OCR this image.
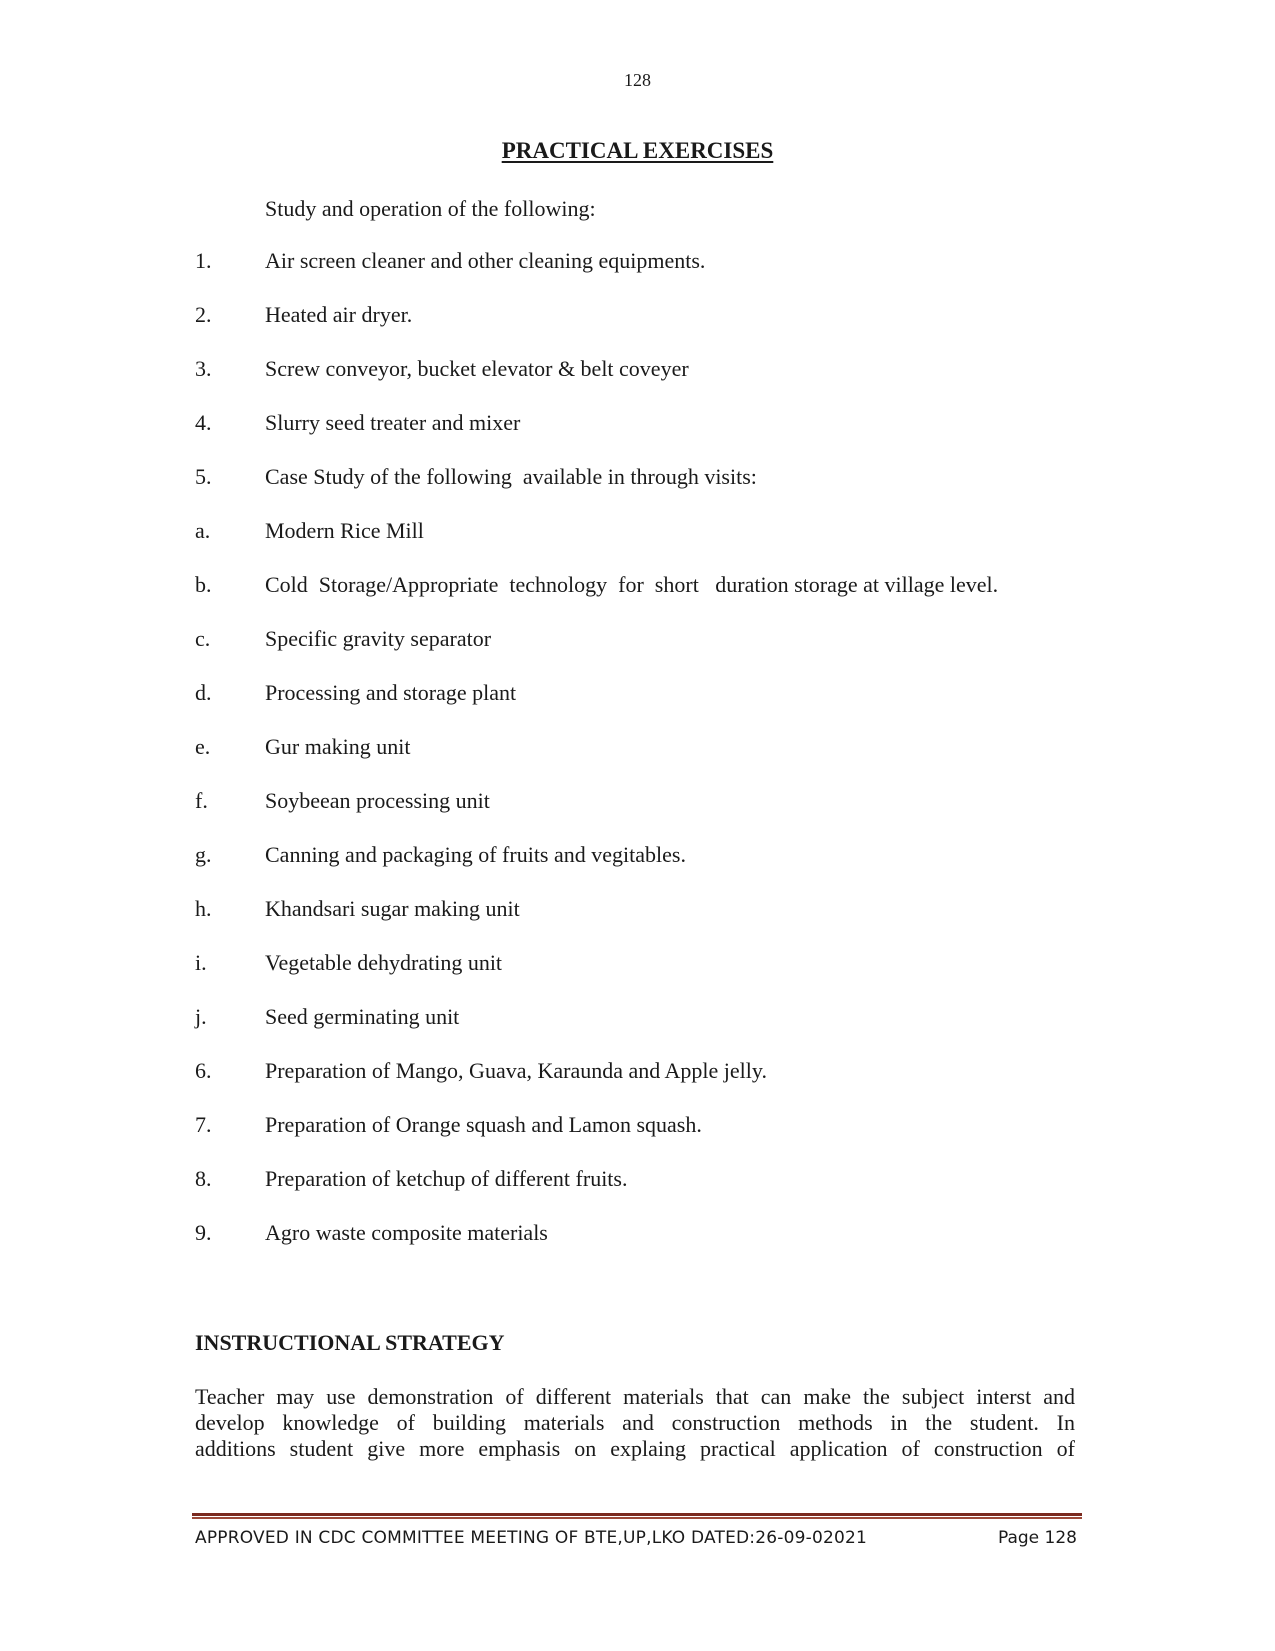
128
PRACTICAL EXERCISES
Study and operation of the following:
1. Air screen cleaner and other cleaning equipments.
2. Heated air dryer.
3. Screw conveyor, bucket elevator & belt coveyer
4. Slurry seed treater and mixer
5. Case Study of the following  available in through visits:
a. Modern Rice Mill
b. Cold  Storage/Appropriate  technology  for  short   duration storage at village level.
c. Specific gravity separator
d. Processing and storage plant
e. Gur making unit
f.	Soybeean processing unit
g. Canning and packaging of fruits and vegitables.
h. Khandsari sugar making unit
i.	Vegetable dehydrating unit
j.	Seed germinating unit
6. Preparation of Mango, Guava, Karaunda and Apple jelly.
7. Preparation of Orange squash and Lamon squash.
8. Preparation of ketchup of different fruits.
9. Agro waste composite materials
INSTRUCTIONAL STRATEGY
Teacher may use demonstration of different materials that can make the subject interst and
develop knowledge of building materials and construction methods in the student. In
additions student give more emphasis on explaing practical application of construction of
APPROVED IN CDC COMMITTEE MEETING OF BTE,UP,LKO DATED:26-09-02021	Page 128
